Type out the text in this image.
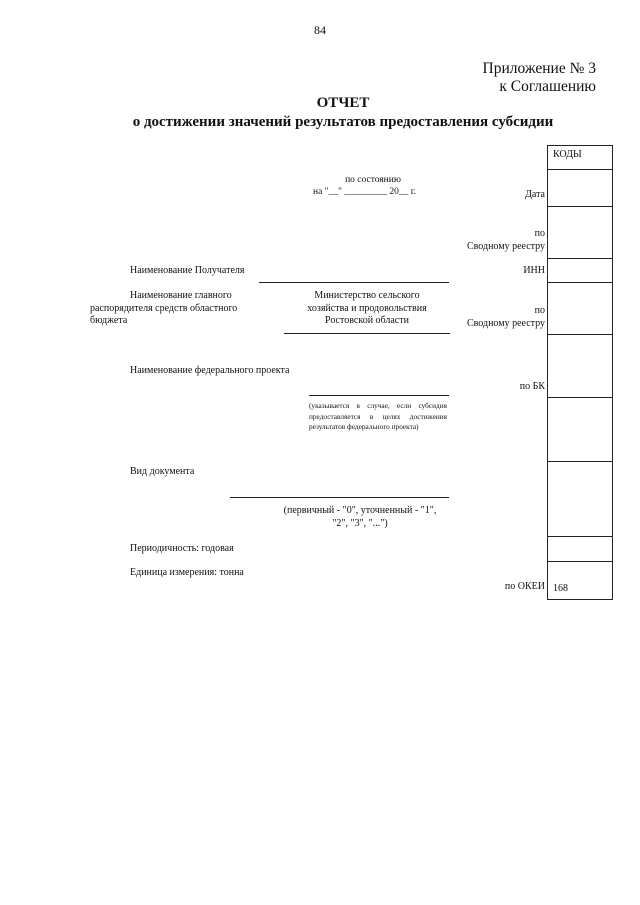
84
Приложение № 3
к Соглашению
ОТЧЕТ
о достижении значений результатов предоставления субсидии
по состоянию
на "__" _________ 20__ г.	Дата
по
Сводному реестру
ИНН
по
Сводному реестру
по БК
по ОКЕИ
Наименование Получателя
Наименование главного
распорядителя средств областного
бюджета
Министерство сельского
хозяйства и продовольствия
Ростовской области
Наименование федерального проекта
(указывается в случае, если субсидия предоставляется в целях достижения результатов федерального проекта)
Вид документа
(первичный - "0", уточненный - "1",
"2", "3", "...")
Периодичность: годовая
Единица измерения: тонна
КОДЫ
168
